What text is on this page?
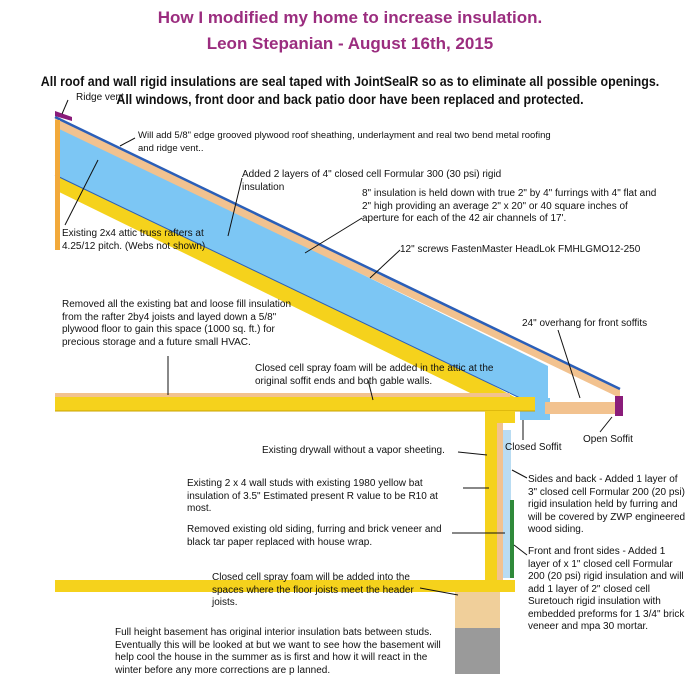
How I modified my home to increase insulation.
Leon Stepanian - August 16th, 2015
All roof and wall rigid insulations are seal taped with JointSealR so as to eliminate all possible openings.
All windows, front door and back patio door have been replaced and protected.
Ridge vent
Will add 5/8" edge grooved plywood roof sheathing, underlayment and real two bend metal roofing and ridge vent..
Added 2 layers of 4" closed cell Formular 300 (30 psi) rigid insulation
8" insulation is held down with true 2" by 4" furrings with 4" flat and 2" high providing an average 2" x 20" or 40 square inches of aperture for each of the 42 air channels of 17'.
Existing 2x4 attic truss rafters at 4.25/12 pitch. (Webs not shown)	12" screws FastenMaster HeadLok FMHLGMO12-250
Removed all the existing bat and loose fill insulation from the rafter 2by4 joists and layed down a 5/8" plywood floor to gain this space (1000 sq. ft.) for precious storage and a future small HVAC.
24" overhang for front soffits
Closed cell spray foam will be added in the attic at the original soffit ends and both gable walls.
Open Soffit
Closed Soffit
Existing drywall without a vapor sheeting.
Existing 2 x 4 wall studs with existing 1980 yellow bat insulation of 3.5" Estimated present R value to be R10 at most.
Sides and back - Added 1 layer of 3" closed cell Formular 200 (20 psi) rigid insulation held by furring and will be covered by ZWP engineered wood siding.
Removed existing old siding, furring and brick veneer and black tar paper replaced with house wrap.
Front and front sides - Added 1 layer of x 1" closed cell Formular 200 (20 psi) rigid insulation and will add 1 layer of 2" closed cell Suretouch rigid insulation with embedded preforms for 1 3/4" brick veneer and mpa 30 mortar.
Closed cell spray foam will be added into the spaces where the floor joists meet the header joists.
Full height basement has original interior insulation bats between studs. Eventually this will be looked at but we want to see how the basement will help cool the house in the summer as is first and how it will react in the winter before any more corrections are p lanned.
